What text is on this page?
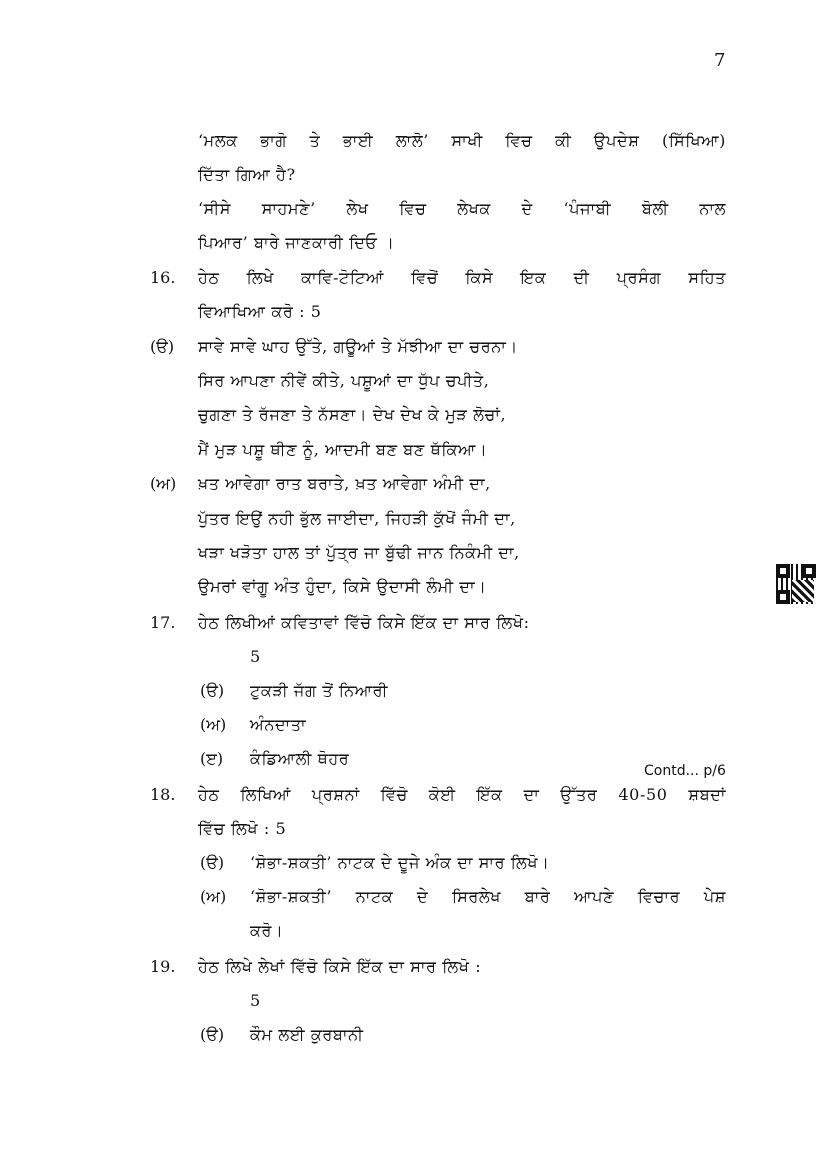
7
‘ਮਲਕ ਭਾਗੋ ਤੇ ਭਾਈ ਲਾਲੋ’ ਸਾਖੀ ਵਿਚ ਕੀ ਉਪਦੇਸ਼ (ਸਿੱਖਿਆ)
ਦਿੱਤਾ ਗਿਆ ਹੈ?
‘ਸੀਸੇ ਸਾਹਮਣੇ’ ਲੇਖ ਵਿਚ ਲੇਖਕ ਦੇ ‘ਪੰਜਾਬੀ ਬੋਲੀ ਨਾਲ
ਪਿਆਰ’ ਬਾਰੇ ਜਾਣਕਾਰੀ ਦਿਓ ।
16. ਹੇਠ ਲਿਖੇ ਕਾਵਿ-ਟੋਟਿਆਂ ਵਿਚੋਂ ਕਿਸੇ ਇਕ ਦੀ ਪ੍ਰਸੰਗ ਸਹਿਤ
ਵਿਆਖਿਆ ਕਰੋ : 5
(ੳ) ਸਾਵੇ ਸਾਵੇ ਘਾਹ ਉੱਤੇ, ਗਊਆਂ ਤੇ ਮੱਝੀਆ ਦਾ ਚਰਨਾ।
ਸਿਰ ਆਪਣਾ ਨੀਵੇਂ ਕੀਤੇ, ਪਸ਼ੂਆਂ ਦਾ ਧੁੱਪ ਚਪੀਤੇ,
ਚੁਗਣਾ ਤੇ ਰੱਜਣਾ ਤੇ ਨੱਸਣਾ। ਦੇਖ ਦੇਖ ਕੇ ਮੁੜ ਲੋਚਾਂ,
ਮੈਂ ਮੁੜ ਪਸ਼ੂ ਥੀਣ ਨੂੰ, ਆਦਮੀ ਬਣ ਬਣ ਥੱਕਿਆ।
(ਅ) ਖ਼ਤ ਆਵੇਗਾ ਰਾਤ ਬਰਾਤੇ, ਖ਼ਤ ਆਵੇਗਾ ਅੰਮੀ ਦਾ,
ਪੁੱਤਰ ਇਉਂ ਨਹੀ ਭੁੱਲ ਜਾਈਦਾ, ਜਿਹੜੀ ਕੁੱਖੋਂ ਜੰਮੀ ਦਾ,
ਖੜਾ ਖੜੋਤਾ ਹਾਲ ਤਾਂ ਪੁੱਤ੍ਰ ਜਾ ਬੁੱਢੀ ਜਾਨ ਨਿਕੰਮੀ ਦਾ,
ਉਮਰਾਂ ਵਾਂਗੂ ਅੰਤ ਹੁੰਦਾ, ਕਿਸੇ ਉਦਾਸੀ ਲੰਮੀ ਦਾ।
17. ਹੇਠ ਲਿਖੀਆਂ ਕਵਿਤਾਵਾਂ ਵਿੱਚੋ ਕਿਸੇ ਇੱਕ ਦਾ ਸਾਰ ਲਿਖੋ:
5
(ੳ) ਟੁਕੜੀ ਜੱਗ ਤੋਂ ਨਿਆਰੀ
(ਅ) ਅੰਨਦਾਤਾ
(ੲ) ਕੰਡਿਆਲੀ ਥੋਹਰ
Contd... p/6
18. ਹੇਠ ਲਿਖਿਆਂ ਪ੍ਰਸ਼ਨਾਂ ਵਿੱਚੋ ਕੋਈ ਇੱਕ ਦਾ ਉੱਤਰ 40-50 ਸ਼ਬਦਾਂ
ਵਿੱਚ ਲਿਖੋ : 5
(ੳ) ‘ਸ਼ੋਭਾ-ਸ਼ਕਤੀ’ ਨਾਟਕ ਦੇ ਦੂਜੇ ਅੰਕ ਦਾ ਸਾਰ ਲਿਖੋ।
(ਅ) ‘ਸ਼ੋਭਾ-ਸ਼ਕਤੀ’ ਨਾਟਕ ਦੇ ਸਿਰਲੇਖ ਬਾਰੇ ਆਪਣੇ ਵਿਚਾਰ ਪੇਸ਼
ਕਰੋ।
19. ਹੇਠ ਲਿਖੇ ਲੇਖਾਂ ਵਿੱਚੋ ਕਿਸੇ ਇੱਕ ਦਾ ਸਾਰ ਲਿਖੋ :
5
(ੳ) ਕੌਮ ਲਈ ਕੁਰਬਾਨੀ
